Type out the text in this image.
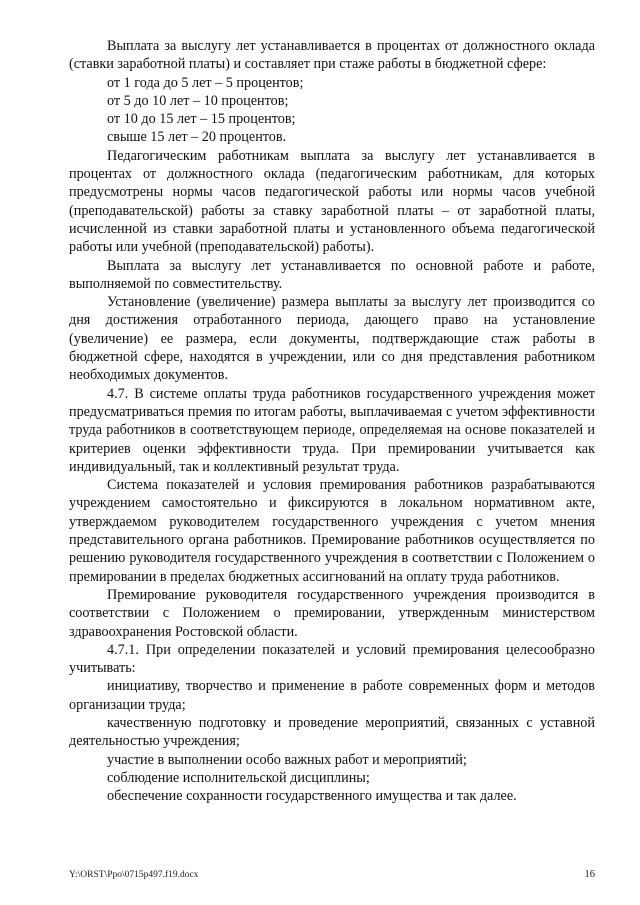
Выплата за выслугу лет устанавливается в процентах от должностного оклада (ставки заработной платы) и составляет при стаже работы в бюджетной сфере:

от 1 года до 5 лет – 5 процентов;

от 5 до 10 лет – 10 процентов;

от 10 до 15 лет – 15 процентов;

свыше 15 лет – 20 процентов.

Педагогическим работникам выплата за выслугу лет устанавливается в процентах от должностного оклада (педагогическим работникам, для которых предусмотрены нормы часов педагогической работы или нормы часов учебной (преподавательской) работы за ставку заработной платы – от заработной платы, исчисленной из ставки заработной платы и установленного объема педагогической работы или учебной (преподавательской) работы).

Выплата за выслугу лет устанавливается по основной работе и работе, выполняемой по совместительству.

Установление (увеличение) размера выплаты за выслугу лет производится со дня достижения отработанного периода, дающего право на установление (увеличение) ее размера, если документы, подтверждающие стаж работы в бюджетной сфере, находятся в учреждении, или со дня представления работником необходимых документов.

4.7. В системе оплаты труда работников государственного учреждения может предусматриваться премия по итогам работы, выплачиваемая с учетом эффективности труда работников в соответствующем периоде, определяемая на основе показателей и критериев оценки эффективности труда. При премировании учитывается как индивидуальный, так и коллективный результат труда.

Система показателей и условия премирования работников разрабатываются учреждением самостоятельно и фиксируются в локальном нормативном акте, утверждаемом руководителем государственного учреждения с учетом мнения представительного органа работников. Премирование работников осуществляется по решению руководителя государственного учреждения в соответствии с Положением о премировании в пределах бюджетных ассигнований на оплату труда работников.

Премирование руководителя государственного учреждения производится в соответствии с Положением о премировании, утвержденным министерством здравоохранения Ростовской области.

4.7.1. При определении показателей и условий премирования целесообразно учитывать:

инициативу, творчество и применение в работе современных форм и методов организации труда;

качественную подготовку и проведение мероприятий, связанных с уставной деятельностью учреждения;

участие в выполнении особо важных работ и мероприятий;

соблюдение исполнительской дисциплины;

обеспечение сохранности государственного имущества и так далее.

Y:\ORST\Ppo\0715p497.f19.docx	16
